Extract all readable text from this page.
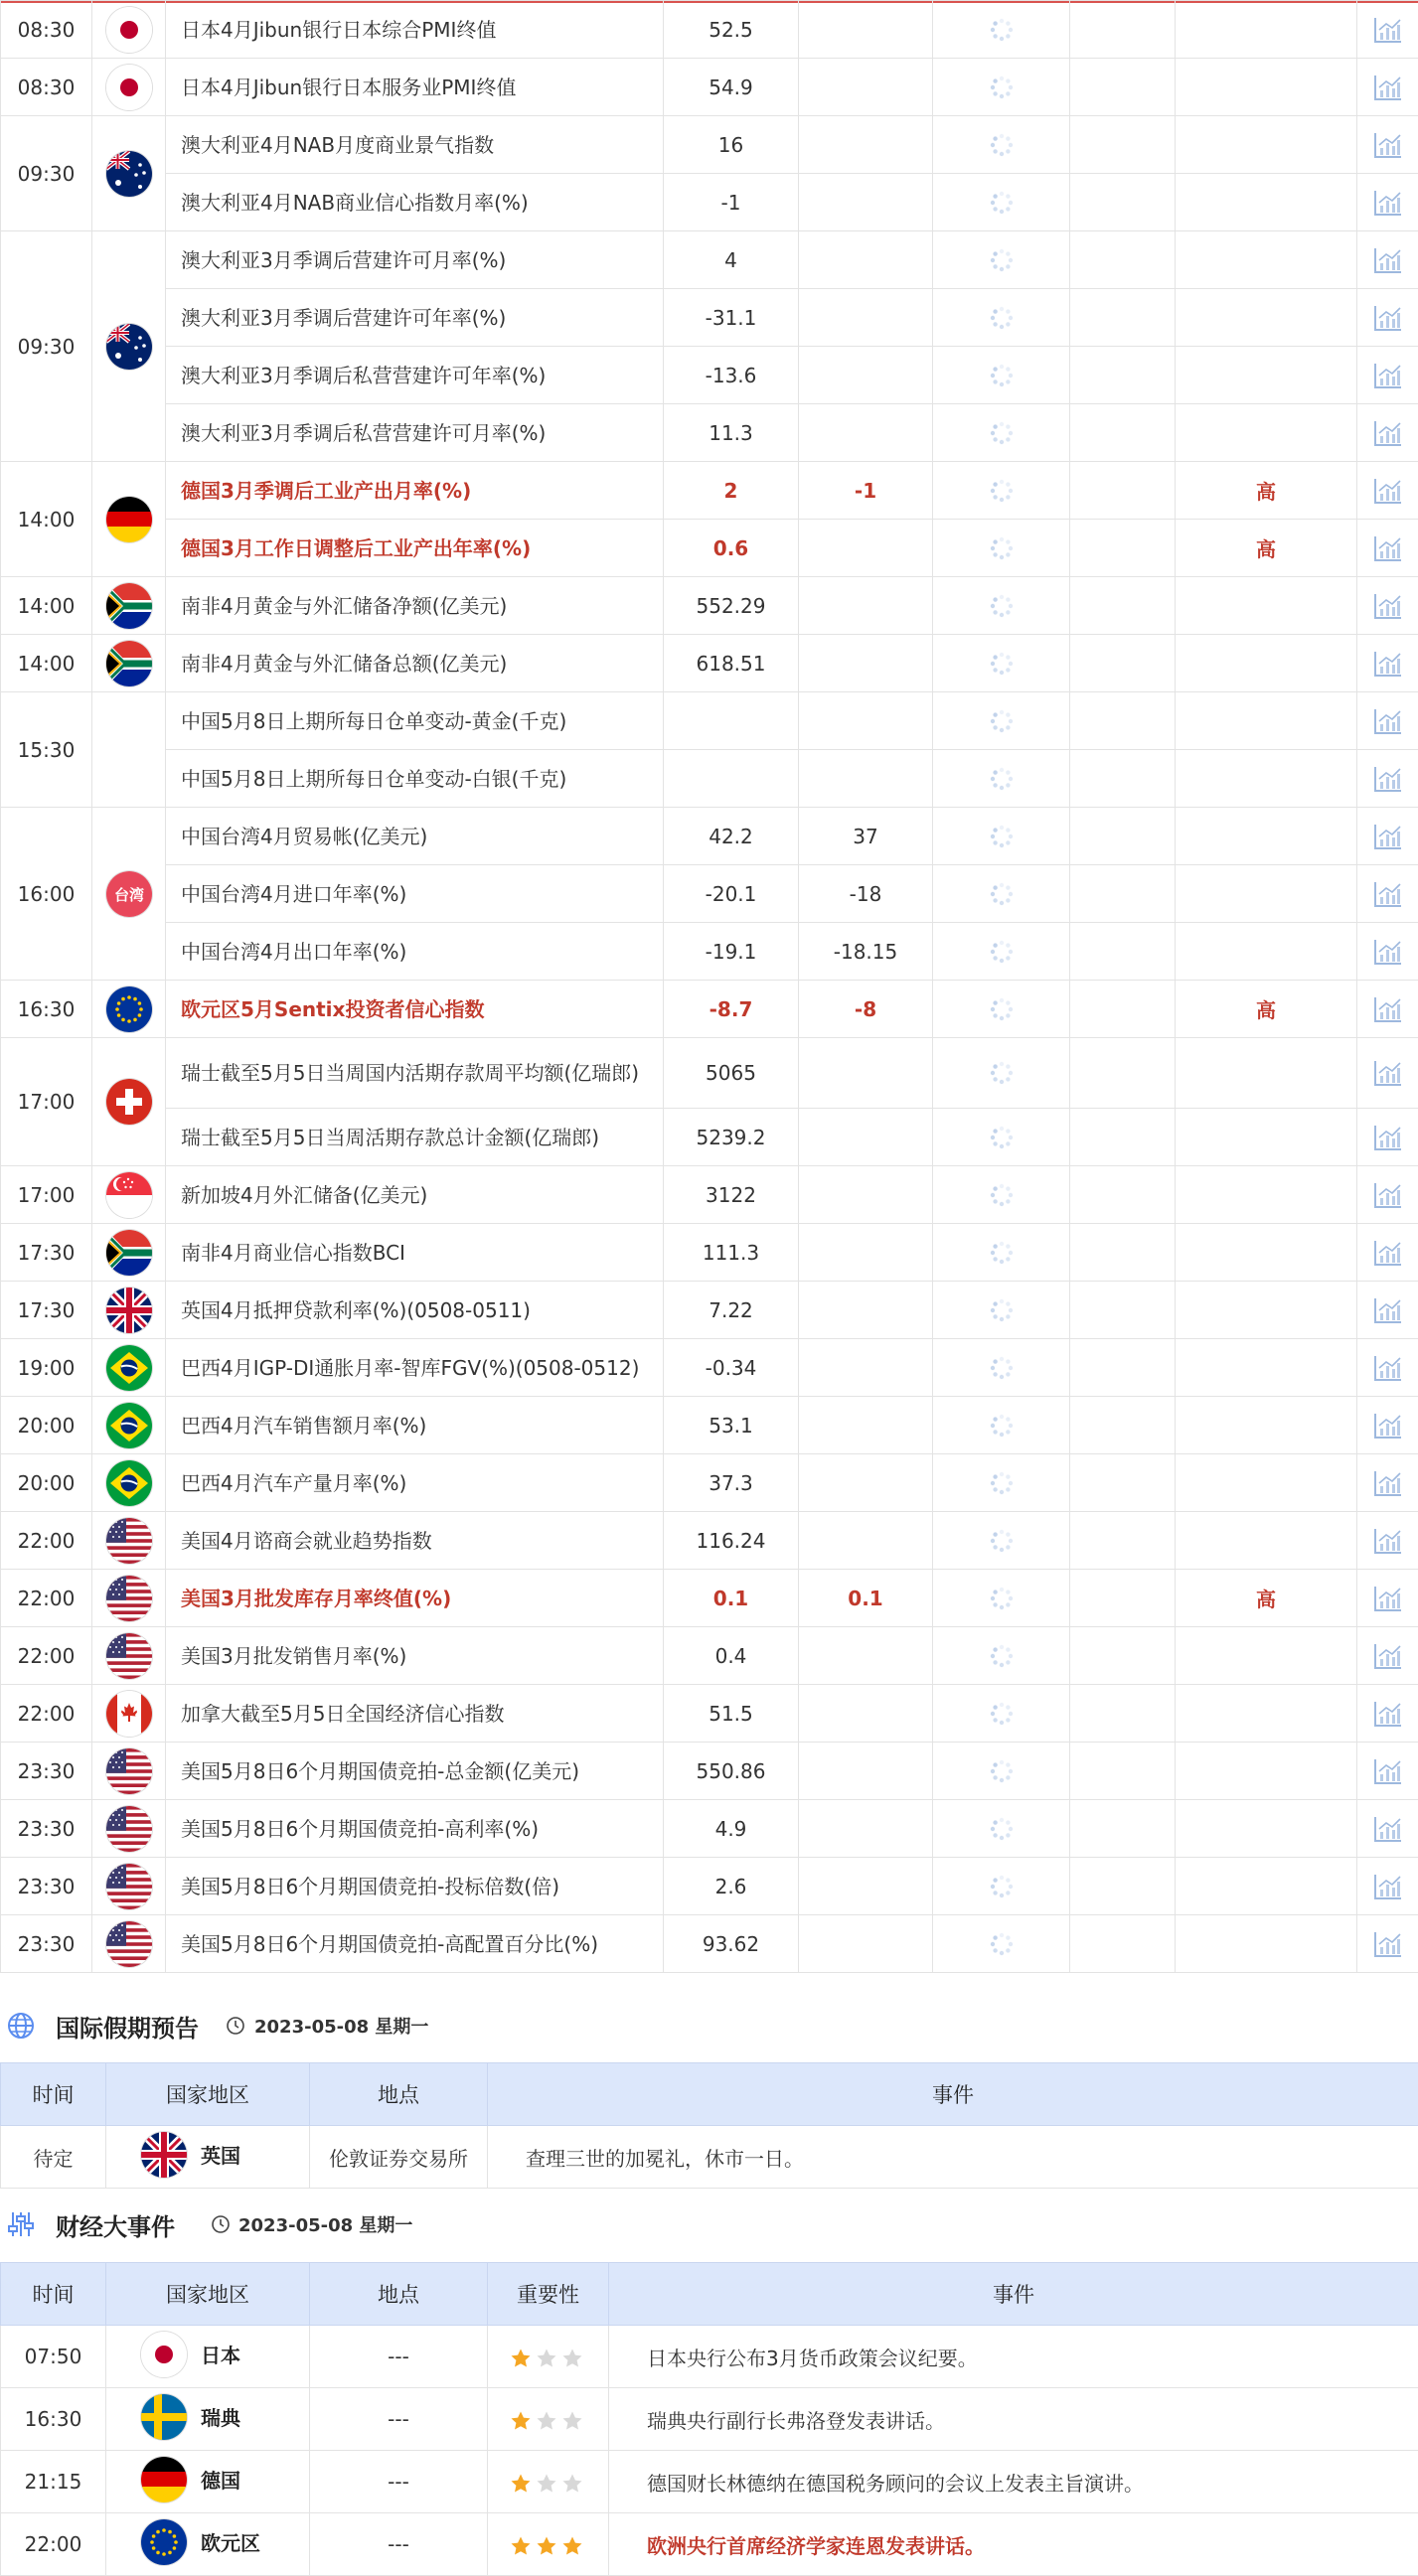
08:30		日本4月Jibun银行日本综合PMI终值	52.5					
08:30		日本4月Jibun银行日本服务业PMI终值	54.9					
09:30		澳大利亚4月NAB月度商业景气指数	16					
		澳大利亚4月NAB商业信心指数月率(%)	-1					
09:30		澳大利亚3月季调后营建许可月率(%)	4					
		澳大利亚3月季调后营建许可年率(%)	-31.1					
		澳大利亚3月季调后私营营建许可年率(%)	-13.6					
		澳大利亚3月季调后私营营建许可月率(%)	11.3					
14:00		德国3月季调后工业产出月率(%)	2	-1			高	
		德国3月工作日调整后工业产出年率(%)	0.6				高	
14:00		南非4月黄金与外汇储备净额(亿美元)	552.29					
14:00		南非4月黄金与外汇储备总额(亿美元)	618.51					
15:30		中国5月8日上期所每日仓单变动-黄金(千克)						
		中国5月8日上期所每日仓单变动-白银(千克)						
16:00	台湾	中国台湾4月贸易帐(亿美元)	42.2	37				
		中国台湾4月进口年率(%)	-20.1	-18				
		中国台湾4月出口年率(%)	-19.1	-18.15				
16:30		欧元区5月Sentix投资者信心指数	-8.7	-8			高	
17:00		瑞士截至5月5日当周国内活期存款周平均额(亿瑞郎)	5065					
		瑞士截至5月5日当周活期存款总计金额(亿瑞郎)	5239.2					
17:00		新加坡4月外汇储备(亿美元)	3122					
17:30		南非4月商业信心指数BCI	111.3					
17:30		英国4月抵押贷款利率(%)(0508-0511)	7.22					
19:00		巴西4月IGP-DI通胀月率-智库FGV(%)(0508-0512)	-0.34					
20:00		巴西4月汽车销售额月率(%)	53.1					
20:00		巴西4月汽车产量月率(%)	37.3					
22:00		美国4月谘商会就业趋势指数	116.24					
22:00		美国3月批发库存月率终值(%)	0.1	0.1			高	
22:00		美国3月批发销售月率(%)	0.4					
22:00		加拿大截至5月5日全国经济信心指数	51.5					
23:30		美国5月8日6个月期国债竞拍-总金额(亿美元)	550.86					
23:30		美国5月8日6个月期国债竞拍-高利率(%)	4.9					
23:30		美国5月8日6个月期国债竞拍-投标倍数(倍)	2.6					
23:30		美国5月8日6个月期国债竞拍-高配置百分比(%)	93.62					
国际假期预告	2023-05-08 星期一
时间	国家地区	地点	事件
待定	英国	伦敦证券交易所	查理三世的加冕礼，休市一日。
财经大事件	2023-05-08 星期一
时间	国家地区	地点	重要性	事件
07:50	日本	---		日本央行公布3月货币政策会议纪要。
16:30	瑞典	---		瑞典央行副行长弗洛登发表讲话。
21:15	德国	---		德国财长林德纳在德国税务顾问的会议上发表主旨演讲。
22:00	欧元区	---		欧洲央行首席经济学家连恩发表讲话。
